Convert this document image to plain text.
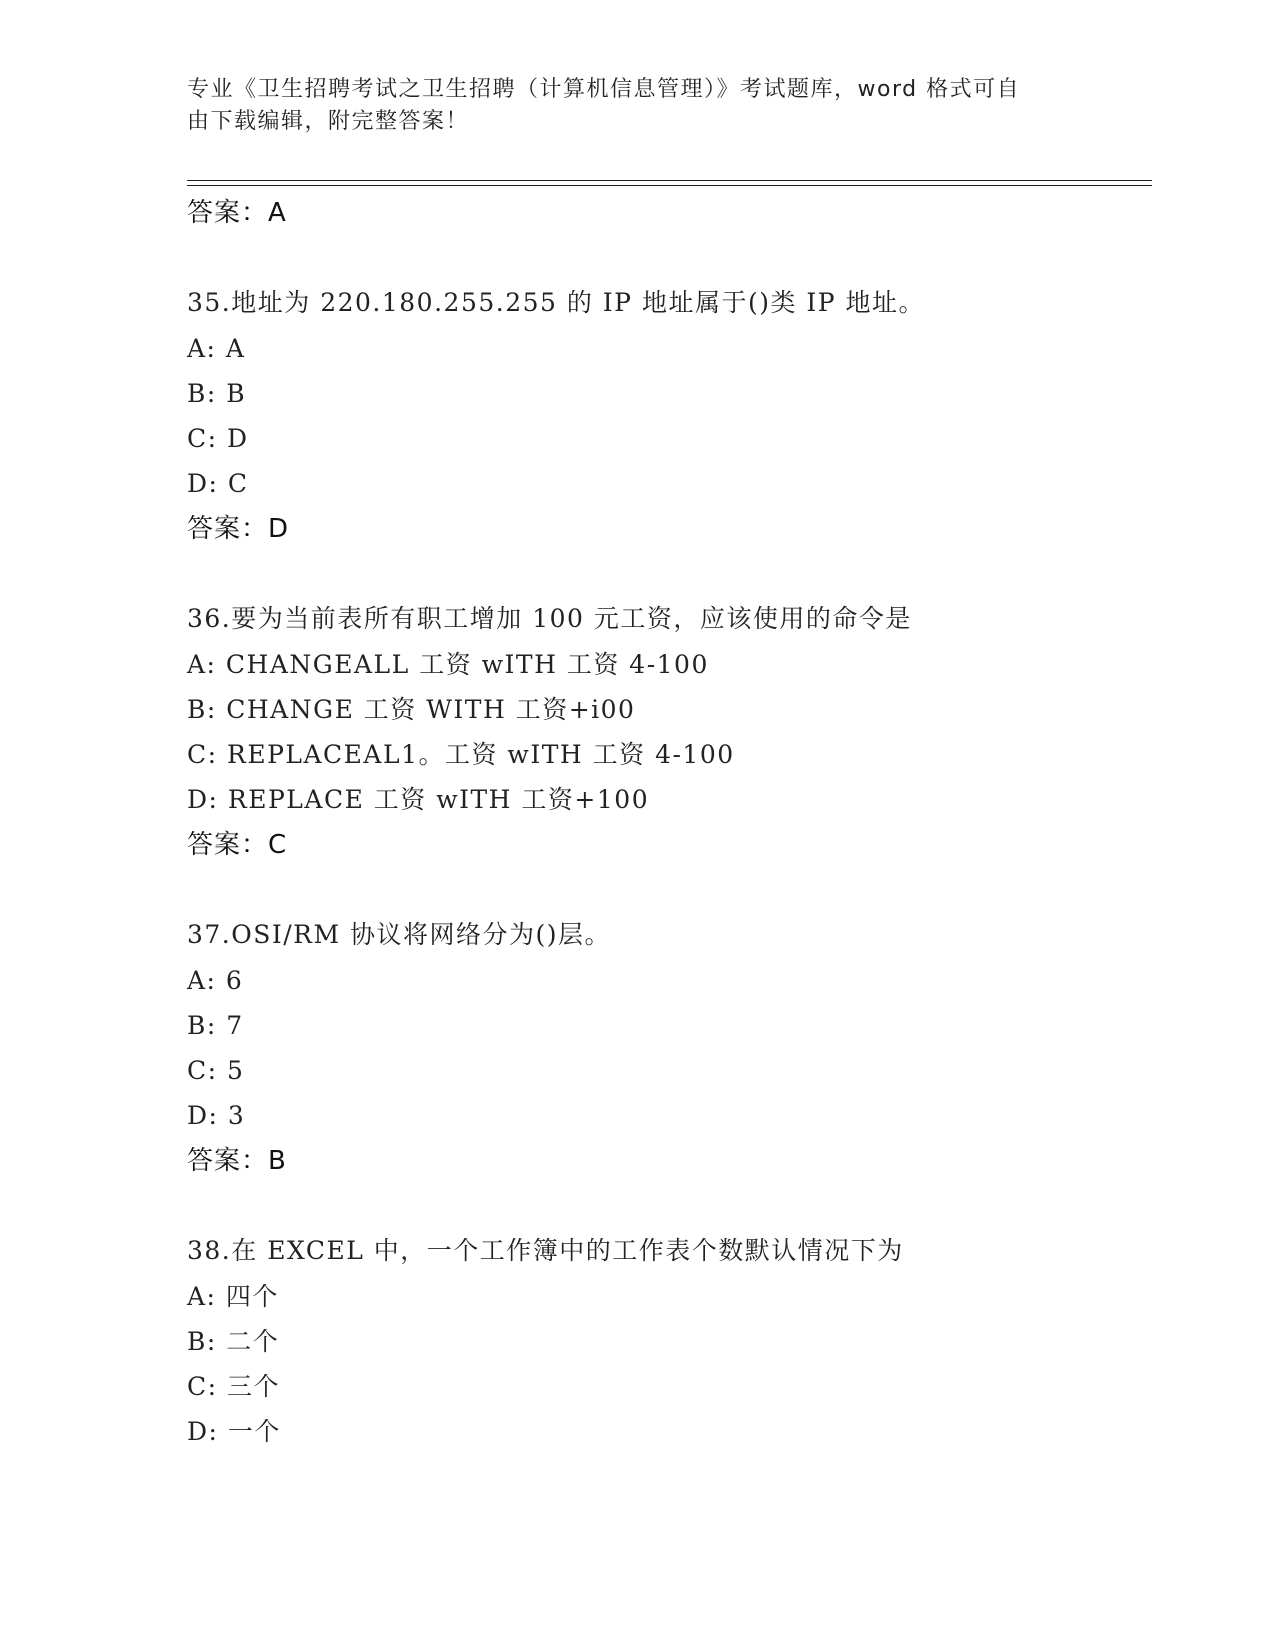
专业《卫生招聘考试之卫生招聘（计算机信息管理）》考试题库，word 格式可自
由下载编辑，附完整答案！
答案：A
35.地址为 220.180.255.255 的 IP 地址属于()类 IP 地址。
A: A
B: B
C: D
D: C
答案：D
36.要为当前表所有职工增加 100 元工资，应该使用的命令是
A: CHANGEALL 工资 wITH 工资 4-100
B: CHANGE 工资 WITH 工资+i00
C: REPLACEAL1。工资 wITH 工资 4-100
D: REPLACE 工资 wITH 工资+100
答案：C
37.OSI/RM 协议将网络分为()层。
A: 6
B: 7
C: 5
D: 3
答案：B
38.在 EXCEL 中，一个工作簿中的工作表个数默认情况下为
A: 四个
B: 二个
C: 三个
D: 一个
